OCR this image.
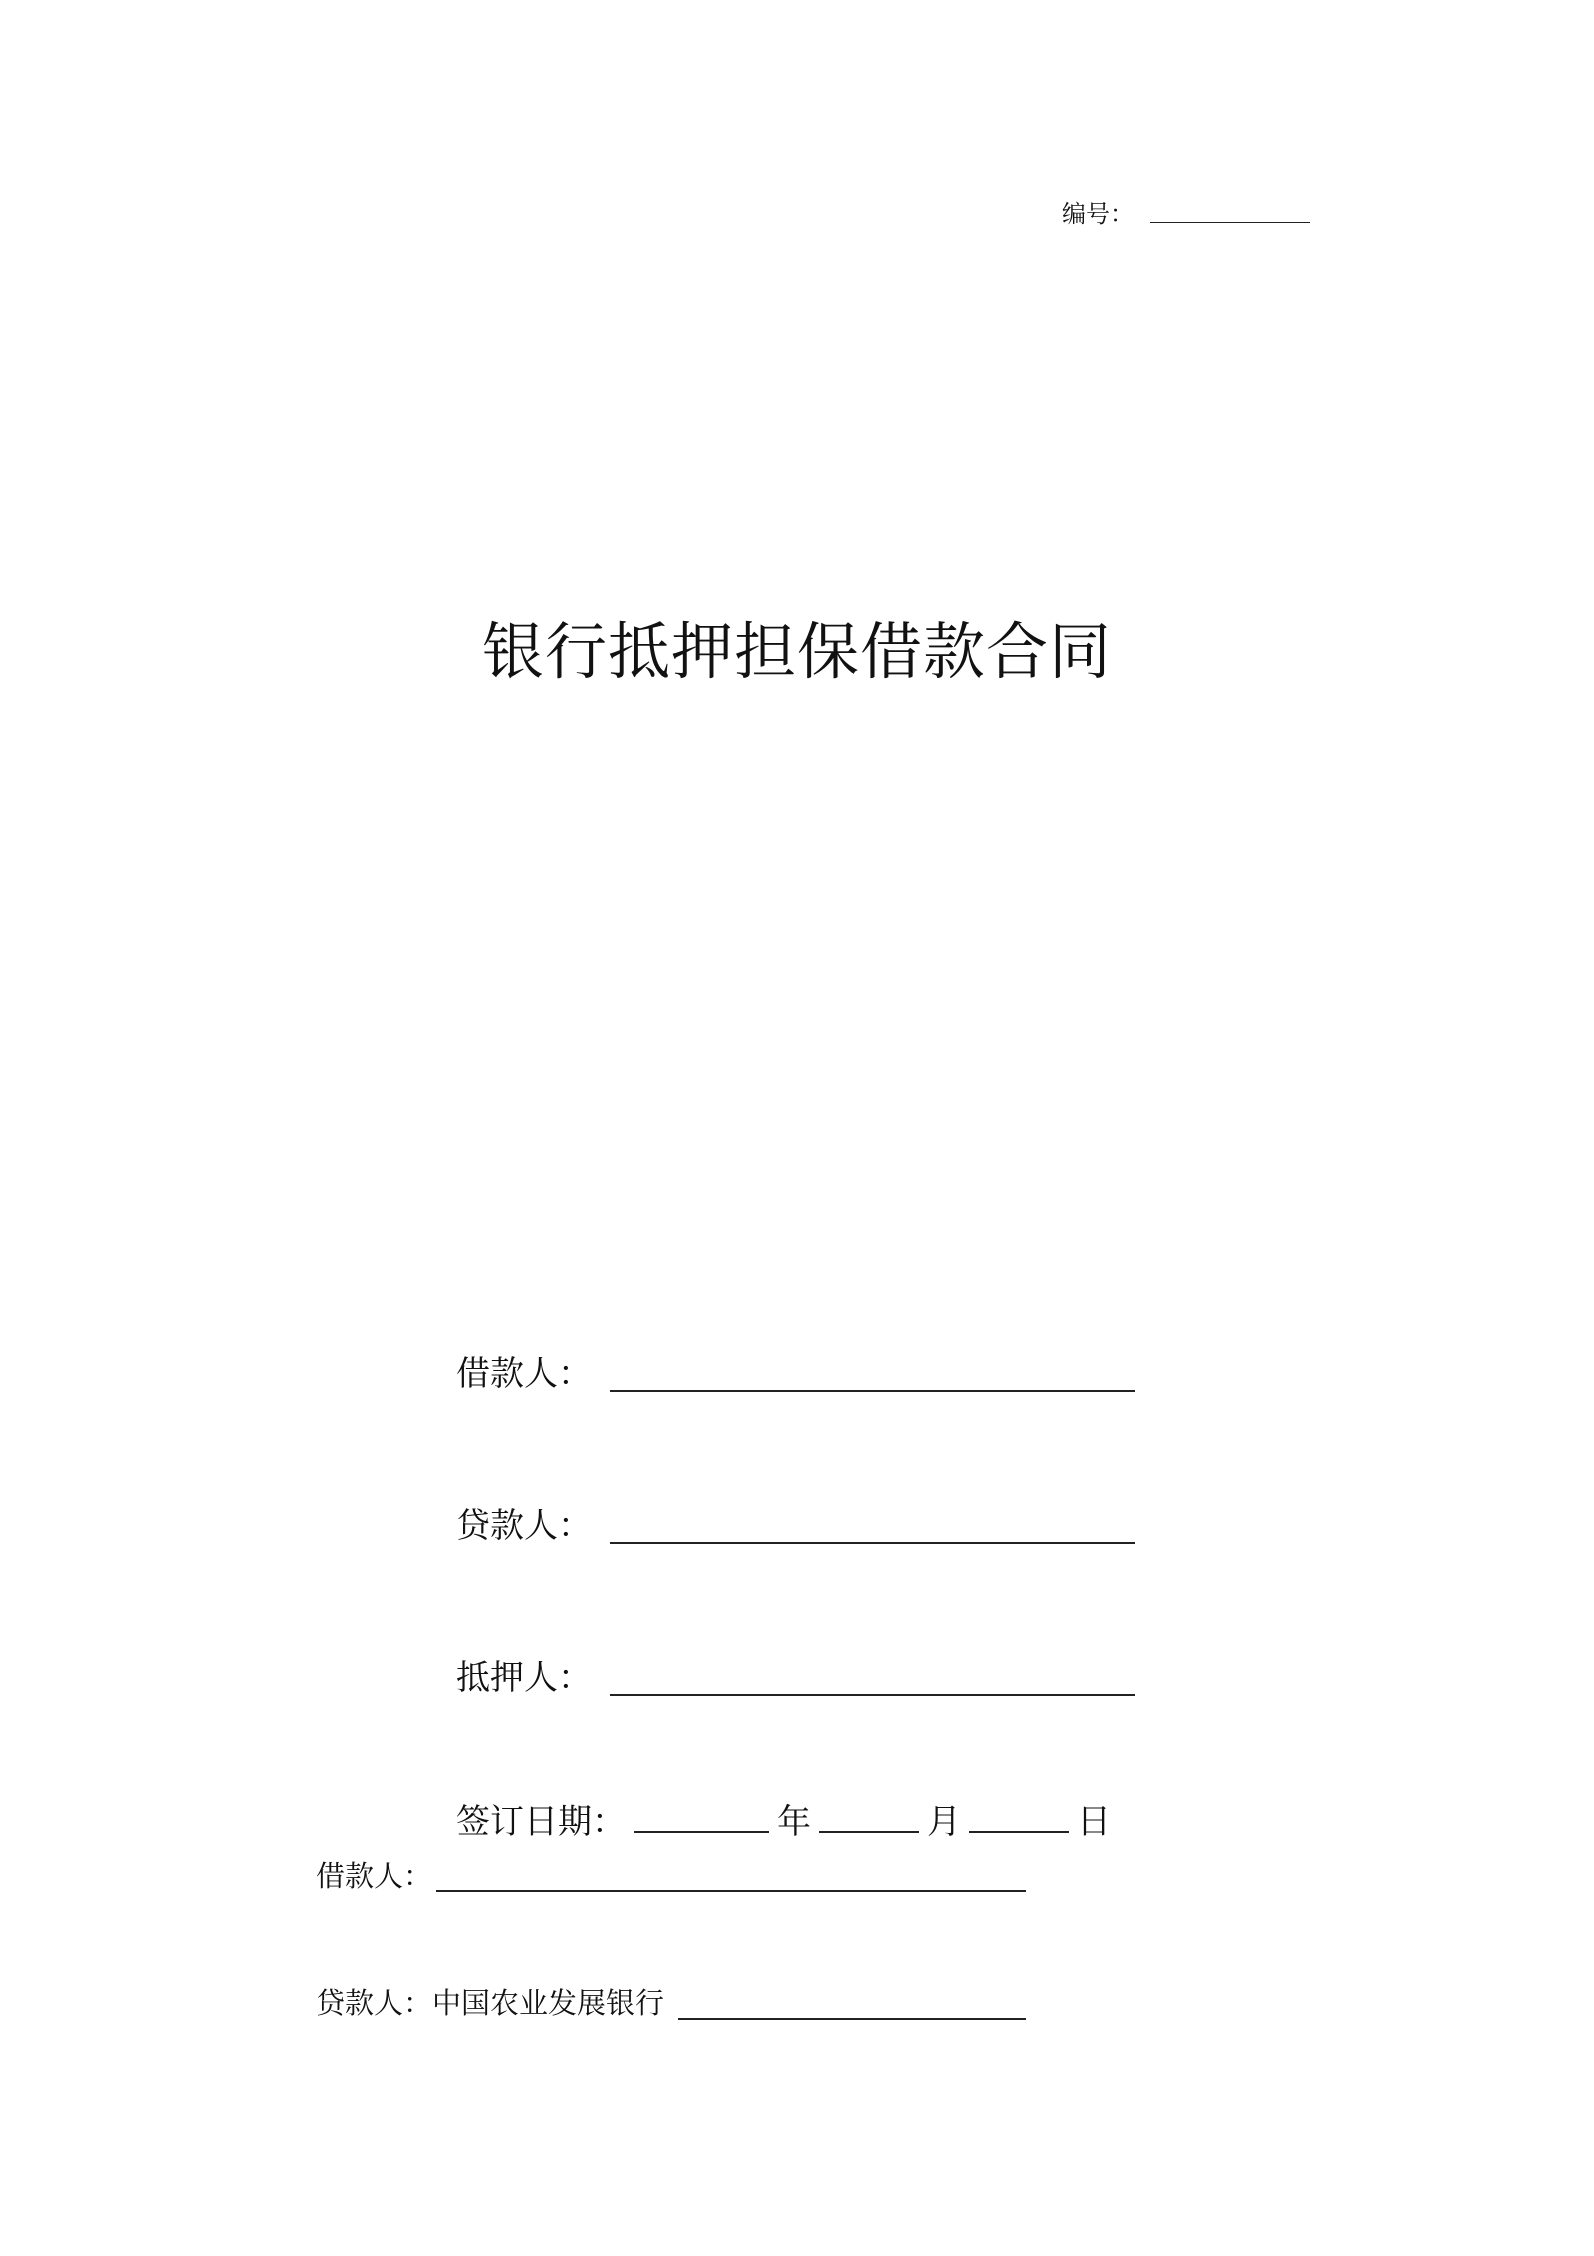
编号：
银行抵押担保借款合同
借款人：
贷款人：
抵押人：
签订日期：	年	月	日
借款人：
贷款人：中国农业发展银行
